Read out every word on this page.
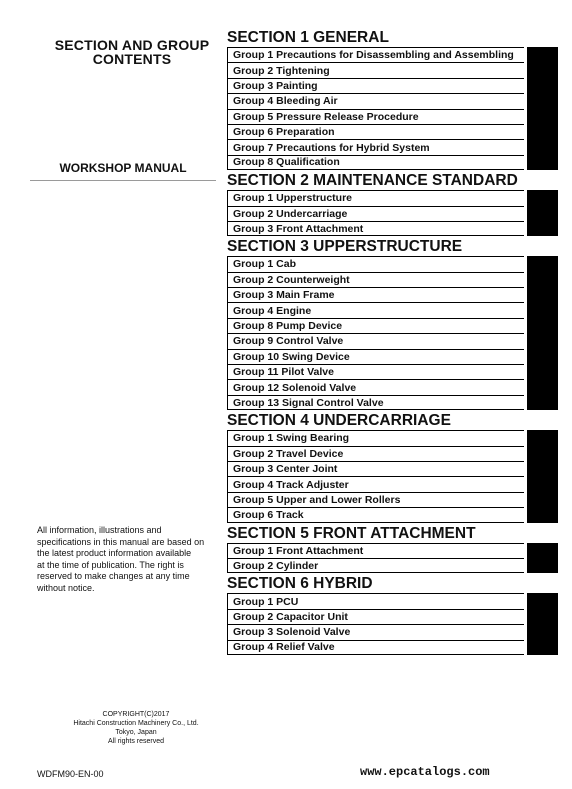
SECTION AND GROUP
CONTENTS
WORKSHOP MANUAL
All information, illustrations and
specifications in this manual are based on
the latest product information available
at the time of publication. The right is
reserved to make changes at any time
without notice.
COPYRIGHT(C)2017
Hitachi Construction Machinery Co., Ltd.
Tokyo, Japan
All rights reserved
WDFM90-EN-00	www.epcatalogs.com
SECTION 1 GENERAL
Group 1 Precautions for Disassembling and Assembling
Group 2 Tightening
Group 3 Painting
Group 4 Bleeding Air
Group 5 Pressure Release Procedure
Group 6 Preparation
Group 7 Precautions for Hybrid System
Group 8 Qualification
SECTION 2 MAINTENANCE STANDARD
Group 1 Upperstructure
Group 2 Undercarriage
Group 3 Front Attachment
SECTION 3 UPPERSTRUCTURE
Group 1 Cab
Group 2 Counterweight
Group 3 Main Frame
Group 4 Engine
Group 8 Pump Device
Group 9 Control Valve
Group 10 Swing Device
Group 11 Pilot Valve
Group 12 Solenoid Valve
Group 13 Signal Control Valve
SECTION 4 UNDERCARRIAGE
Group 1 Swing Bearing
Group 2 Travel Device
Group 3 Center Joint
Group 4 Track Adjuster
Group 5 Upper and Lower Rollers
Group 6 Track
SECTION 5 FRONT ATTACHMENT
Group 1 Front Attachment
Group 2 Cylinder
SECTION 6 HYBRID
Group 1 PCU
Group 2 Capacitor Unit
Group 3 Solenoid Valve
Group 4 Relief Valve
